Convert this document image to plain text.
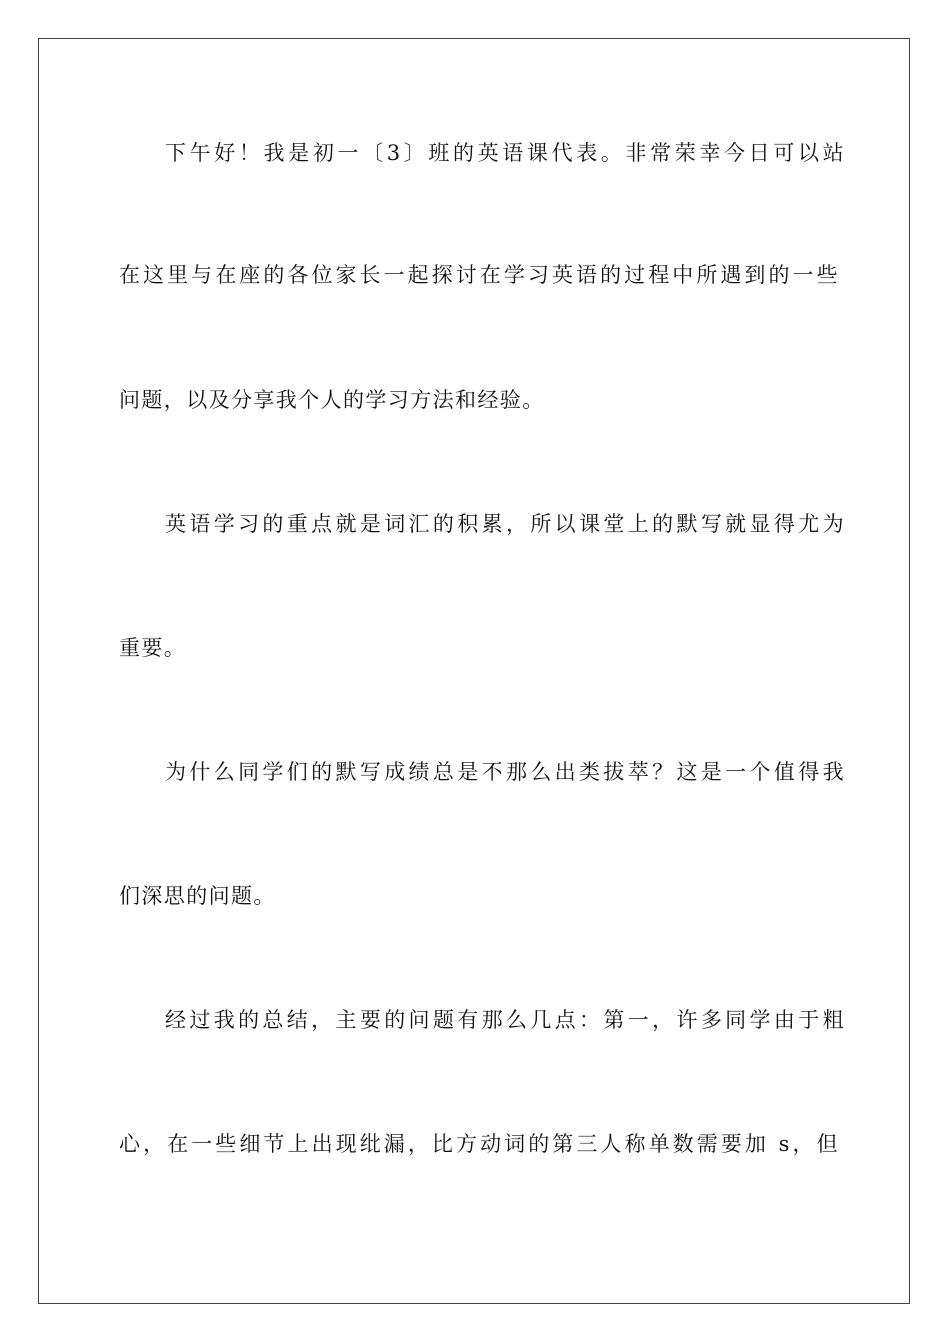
下午好！我是初一〔3〕班的英语课代表。非常荣幸今日可以站
在这里与在座的各位家长一起探讨在学习英语的过程中所遇到的一些
问题，以及分享我个人的学习方法和经验。
英语学习的重点就是词汇的积累，所以课堂上的默写就显得尤为
重要。
为什么同学们的默写成绩总是不那么出类拔萃？这是一个值得我
们深思的问题。
经过我的总结，主要的问题有那么几点：第一，许多同学由于粗
心，在一些细节上出现纰漏，比方动词的第三人称单数需要加 s，但
